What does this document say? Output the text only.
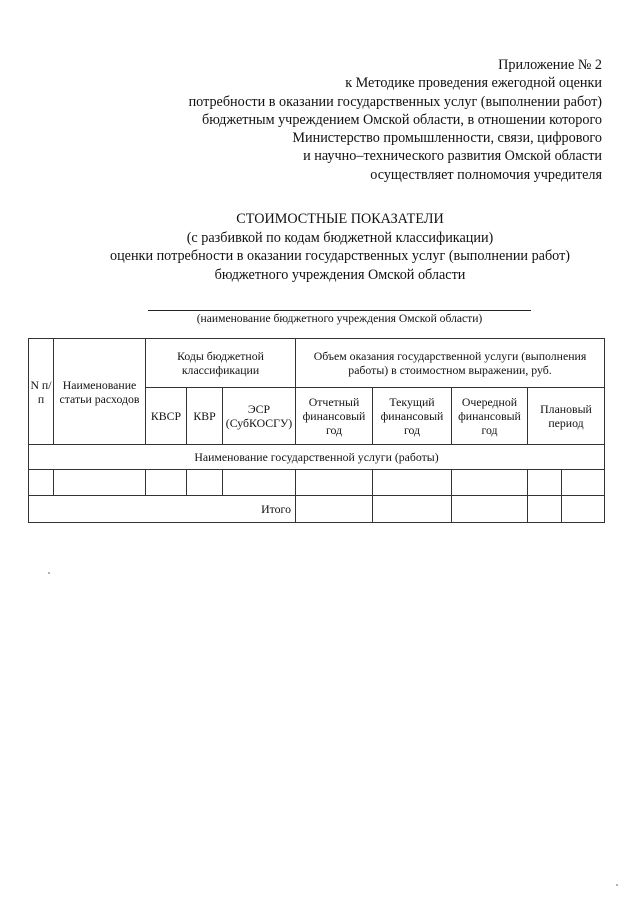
Приложение № 2
к Методике проведения ежегодной оценки
потребности в оказании государственных услуг (выполнении работ)
бюджетным учреждением Омской области, в отношении которого
Министерство промышленности, связи, цифрового
и научно–технического развития Омской области
осуществляет полномочия учредителя
СТОИМОСТНЫЕ ПОКАЗАТЕЛИ
(с разбивкой по кодам бюджетной классификации)
оценки потребности в оказании государственных услуг (выполнении работ)
бюджетного учреждения Омской области
(наименование бюджетного учреждения Омской области)
N п/п	Наименование статьи расходов	Коды бюджетной классификации			Объем оказания государственной услуги (выполнения работы) в стоимостном выражении, руб.				
		КВСР	КВР	ЭСР (СубКОСГУ)	Отчетный финансовый год	Текущий финансовый год	Очередной финансовый год	Плановый период	
Наименование государственной услуги (работы)									

Итого									
